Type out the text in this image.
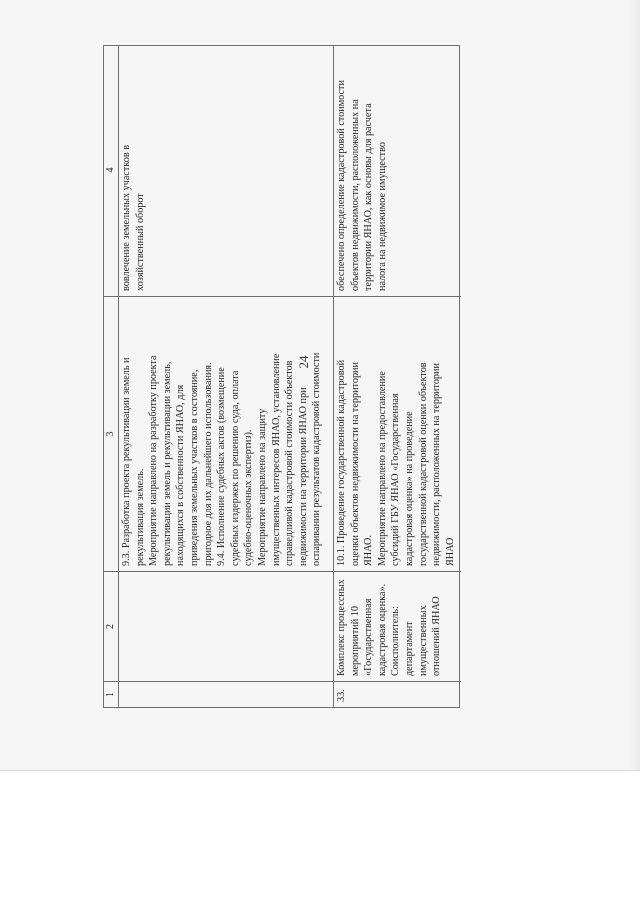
24
1
2
3
4
9.3. Разработка проекта рекультивации земель и рекультивация земель. Мероприятие направлено на разработку проекта рекультивации земель и рекультивации земель, находящихся в собственности ЯНАО, для приведения земельных участков в состояние, пригодное для их дальнейшего использования. 9.4. Исполнение судебных актов (возмещение судебных издержек по решению суда, оплата судебно-оценочных экспертиз). Мероприятие направлено на защиту имущественных интересов ЯНАО, установление справедливой кадастровой стоимости объектов недвижимости на территории ЯНАО при оспаривании результатов кадастровой стоимости
вовлечение земельных участков в хозяйственный оборот
33.
Комплекс процессных мероприятий 10 «Государственная кадастровая оценка». Соисполнитель: департамент имущественных отношений ЯНАО
10.1. Проведение государственной кадастровой оценки объектов недвижимости на территории ЯНАО. Мероприятие направлено на предоставление субсидий ГБУ ЯНАО «Государственная кадастровая оценка» на проведение государственной кадастровой оценки объектов недвижимости, расположенных на территории ЯНАО
обеспечено определение кадастровой стоимости объектов недвижимости, расположенных на территории ЯНАО, как основы для расчета налога на недвижимое имущество
